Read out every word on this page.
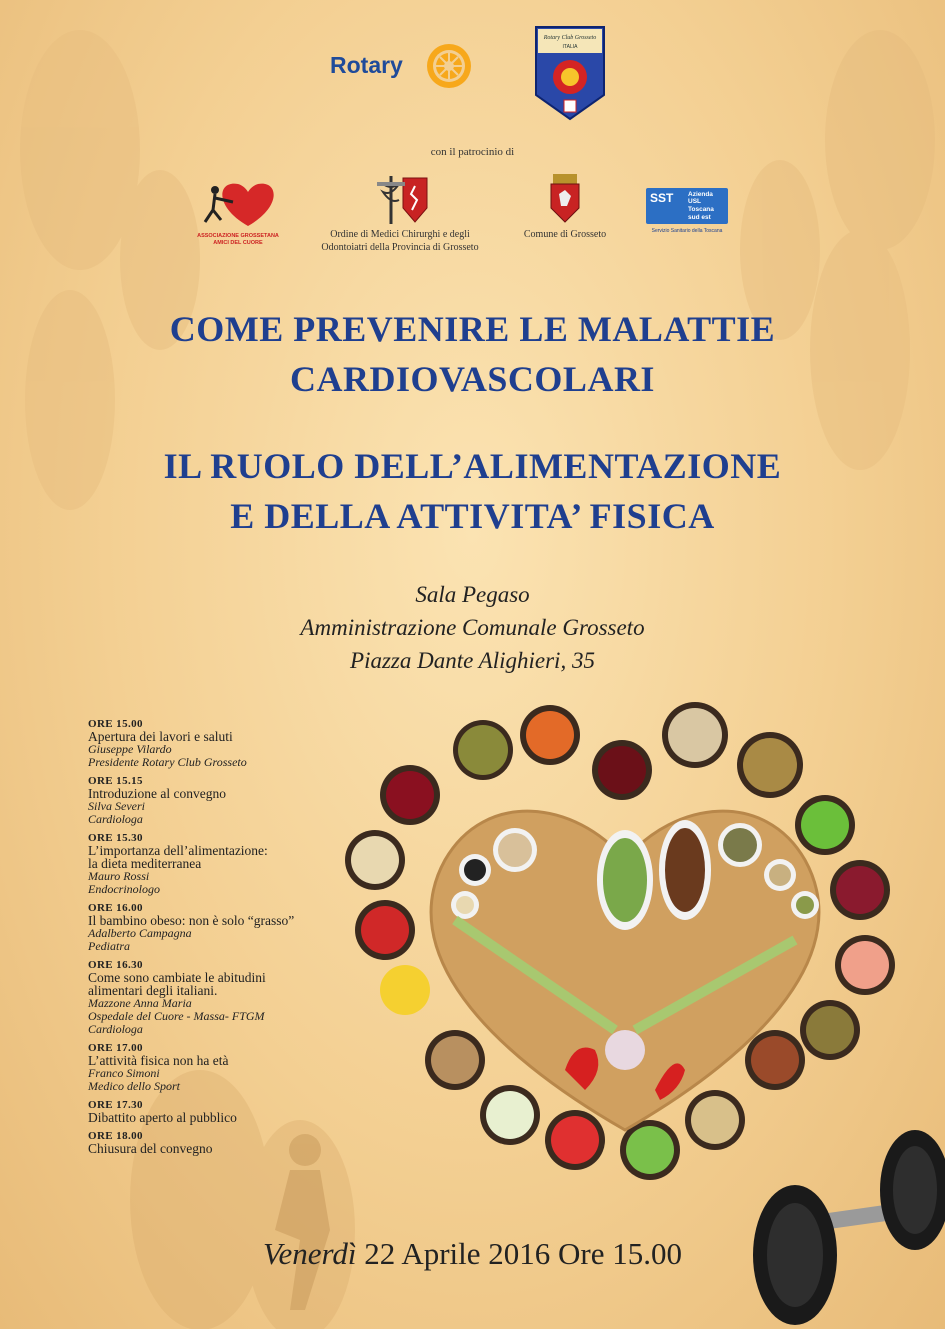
Rotary
Rotary Club Grosseto
ITALIA
con il patrocinio di
ASSOCIAZIONE GROSSETANA
AMICI DEL CUORE
Ordine di Medici Chirurghi e degli
Odontoiatri della Provincia di Grosseto
Comune di Grosseto
SST Azienda
USL
Toscana
sud est
Servizio Sanitario della Toscana
COME PREVENIRE LE MALATTIE
CARDIOVASCOLARI
IL RUOLO DELL’ALIMENTAZIONE
E DELLA ATTIVITA’ FISICA
Sala Pegaso
Amministrazione Comunale Grosseto
Piazza Dante Alighieri, 35
ORE 15.00
Apertura dei lavori e saluti
Giuseppe Vilardo
Presidente Rotary Club Grosseto
ORE 15.15
Introduzione al convegno
Silva Severi
Cardiologa
ORE 15.30
L’importanza dell’alimentazione:
la dieta mediterranea
Mauro Rossi
Endocrinologo
ORE 16.00
Il bambino obeso: non è solo “grasso”
Adalberto Campagna
Pediatra
ORE 16.30
Come sono cambiate le abitudini
alimentari degli italiani.
Mazzone Anna Maria
Ospedale del Cuore - Massa- FTGM
Cardiologa
ORE 17.00
L’attività fisica non ha età
Franco Simoni
Medico dello Sport
ORE 17.30
Dibattito aperto al pubblico
ORE 18.00
Chiusura del convegno
Venerdì 22 Aprile 2016 Ore 15.00
